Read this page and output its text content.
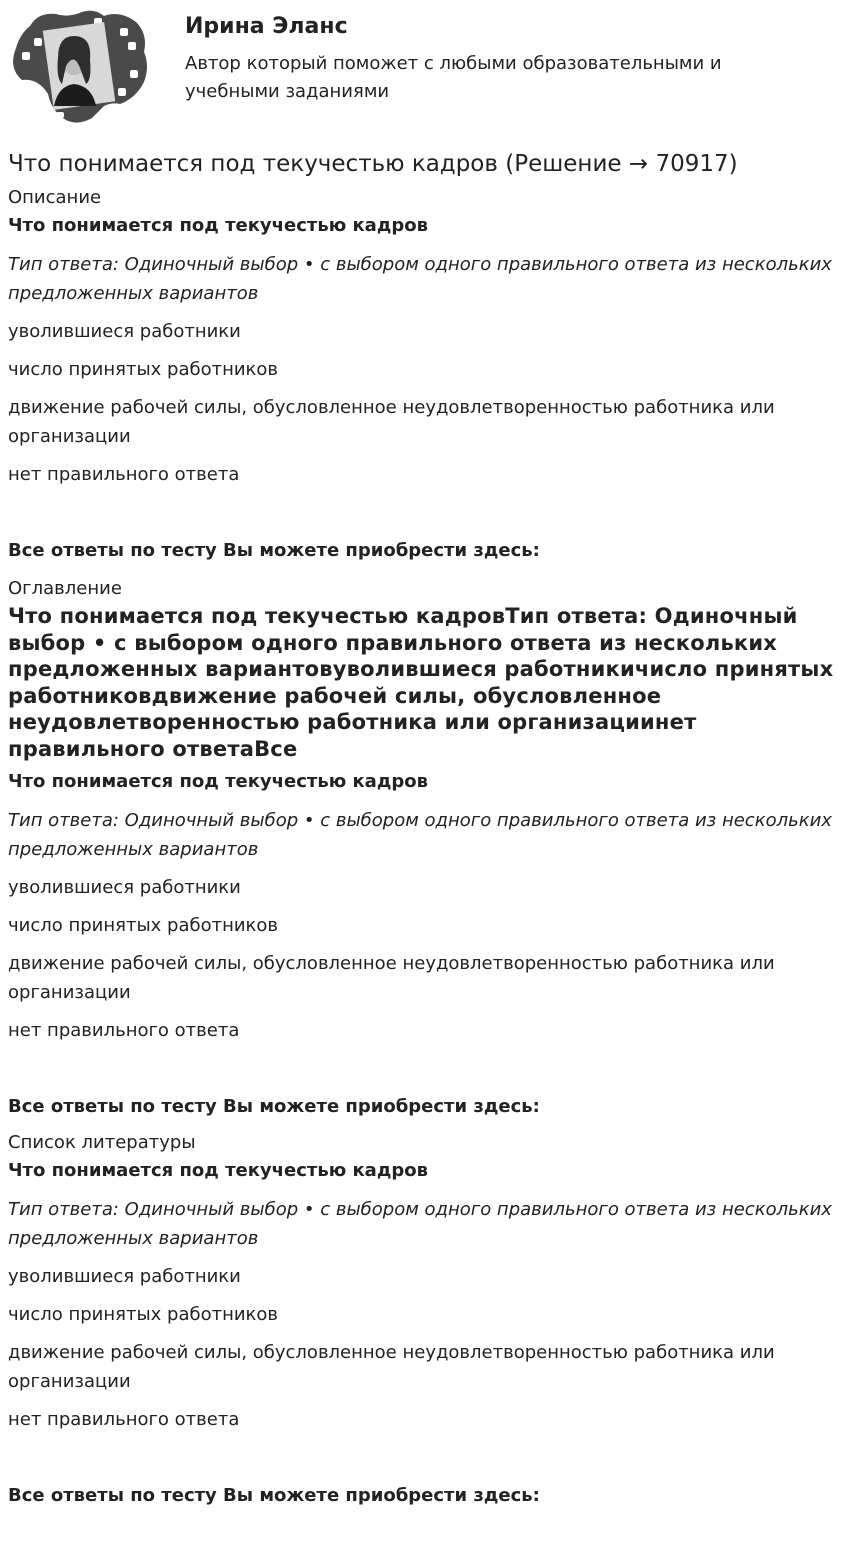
Ирина Эланс
Автор который поможет с любыми образовательными и учебными заданиями
Что понимается под текучестью кадров (Решение → 70917)
Описание
Что понимается под текучестью кадров
Тип ответа: Одиночный выбор • с выбором одного правильного ответа из нескольких предложенных вариантов
уволившиеся работники
число принятых работников
движение рабочей силы, обусловленное неудовлетворенностью работника или организации
нет правильного ответа
Все ответы по тесту Вы можете приобрести здесь:
Оглавление
Что понимается под текучестью кадровТип ответа: Одиночный выбор • с выбором одного правильного ответа из нескольких предложенных вариантовуволившиеся работникичисло принятых работниковдвижение рабочей силы, обусловленное неудовлетворенностью работника или организациинет правильного ответаВсе
Что понимается под текучестью кадров
Тип ответа: Одиночный выбор • с выбором одного правильного ответа из нескольких предложенных вариантов
уволившиеся работники
число принятых работников
движение рабочей силы, обусловленное неудовлетворенностью работника или организации
нет правильного ответа
Все ответы по тесту Вы можете приобрести здесь:
Список литературы
Что понимается под текучестью кадров
Тип ответа: Одиночный выбор • с выбором одного правильного ответа из нескольких предложенных вариантов
уволившиеся работники
число принятых работников
движение рабочей силы, обусловленное неудовлетворенностью работника или организации
нет правильного ответа
Все ответы по тесту Вы можете приобрести здесь:
